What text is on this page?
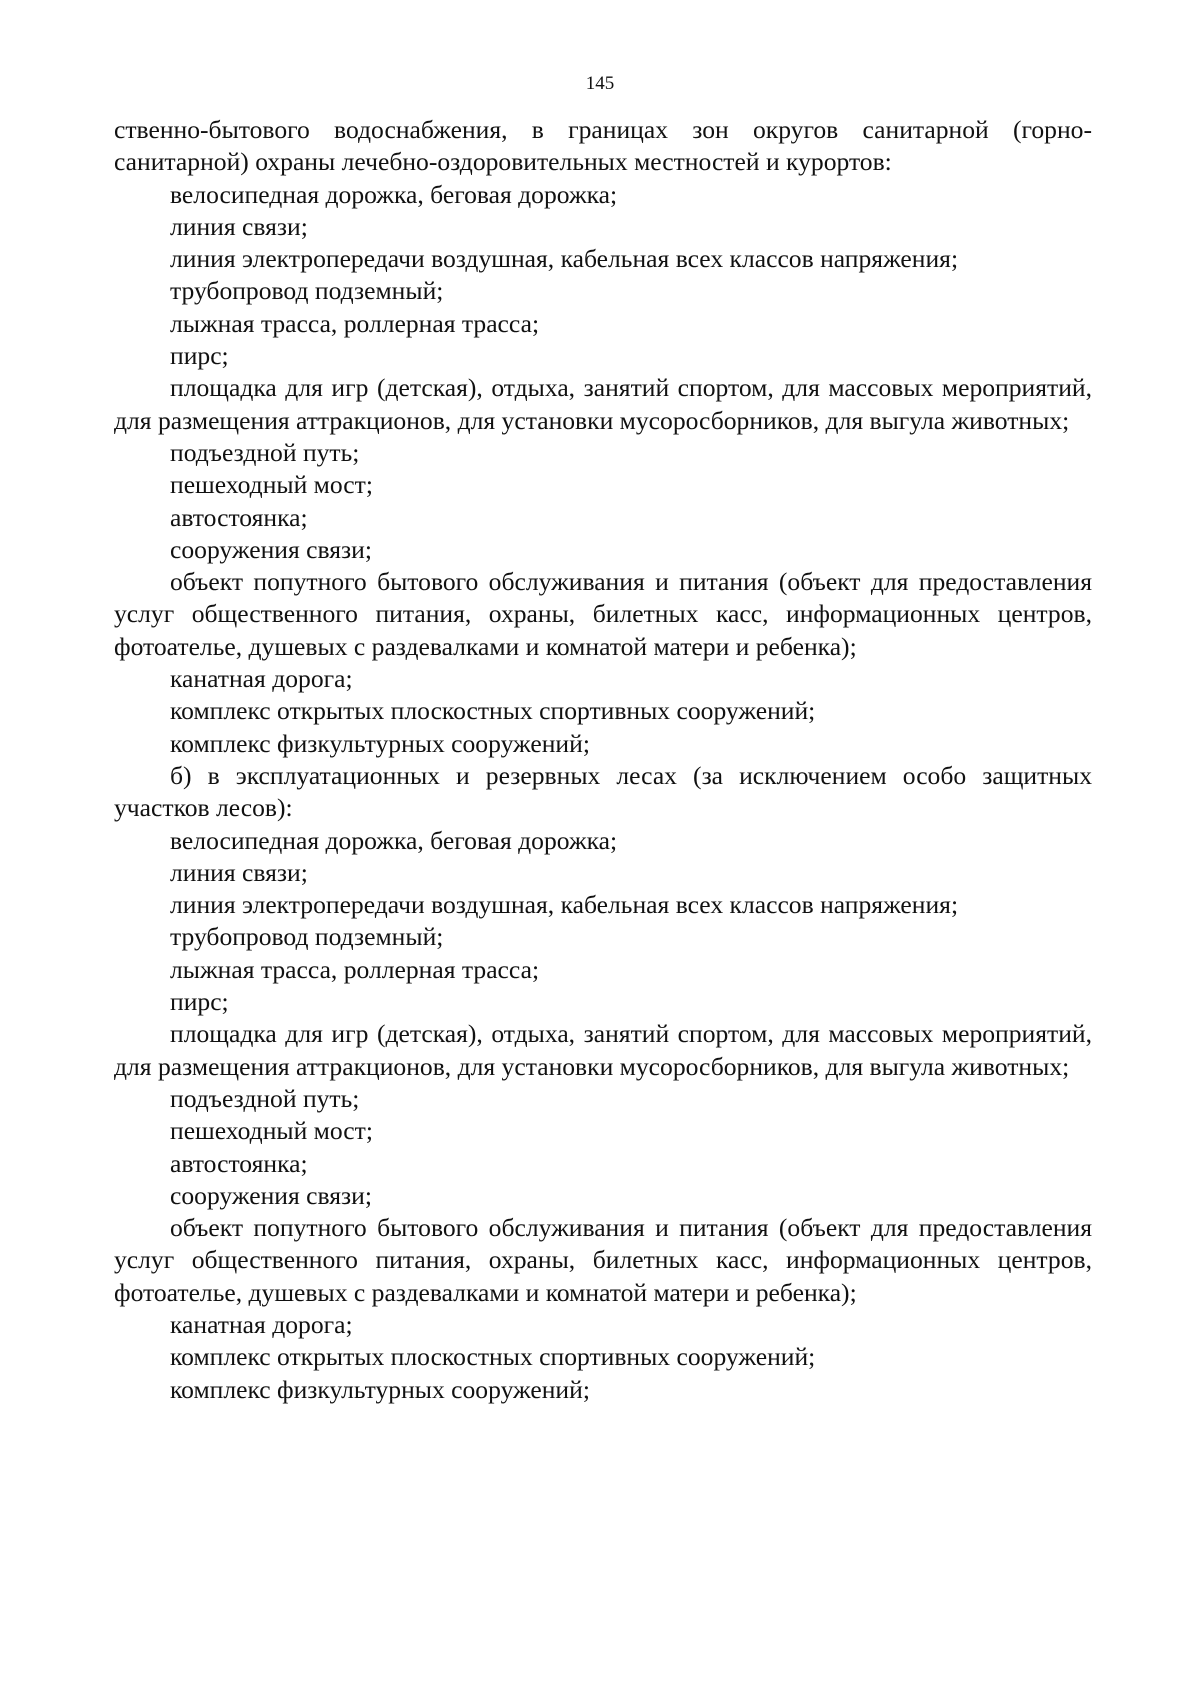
145

ственно-бытового водоснабжения, в границах зон округов санитарной (горно-санитарной) охраны лечебно-оздоровительных местностей и курортов:

велосипедная дорожка, беговая дорожка;

линия связи;

линия электропередачи воздушная, кабельная всех классов напряжения;

трубопровод подземный;

лыжная трасса, роллерная трасса;

пирс;

площадка для игр (детская), отдыха, занятий спортом, для массовых мероприятий, для размещения аттракционов, для установки мусоросборников, для выгула животных;

подъездной путь;

пешеходный мост;

автостоянка;

сооружения связи;

объект попутного бытового обслуживания и питания (объект для предоставления услуг общественного питания, охраны, билетных касс, информационных центров, фотоателье, душевых с раздевалками и комнатой матери и ребенка);

канатная дорога;

комплекс открытых плоскостных спортивных сооружений;

комплекс физкультурных сооружений;

б) в эксплуатационных и резервных лесах (за исключением особо защитных участков лесов):

велосипедная дорожка, беговая дорожка;

линия связи;

линия электропередачи воздушная, кабельная всех классов напряжения;

трубопровод подземный;

лыжная трасса, роллерная трасса;

пирс;

площадка для игр (детская), отдыха, занятий спортом, для массовых мероприятий, для размещения аттракционов, для установки мусоросборников, для выгула животных;

подъездной путь;

пешеходный мост;

автостоянка;

сооружения связи;

объект попутного бытового обслуживания и питания (объект для предоставления услуг общественного питания, охраны, билетных касс, информационных центров, фотоателье, душевых с раздевалками и комнатой матери и ребенка);

канатная дорога;

комплекс открытых плоскостных спортивных сооружений;

комплекс физкультурных сооружений;
